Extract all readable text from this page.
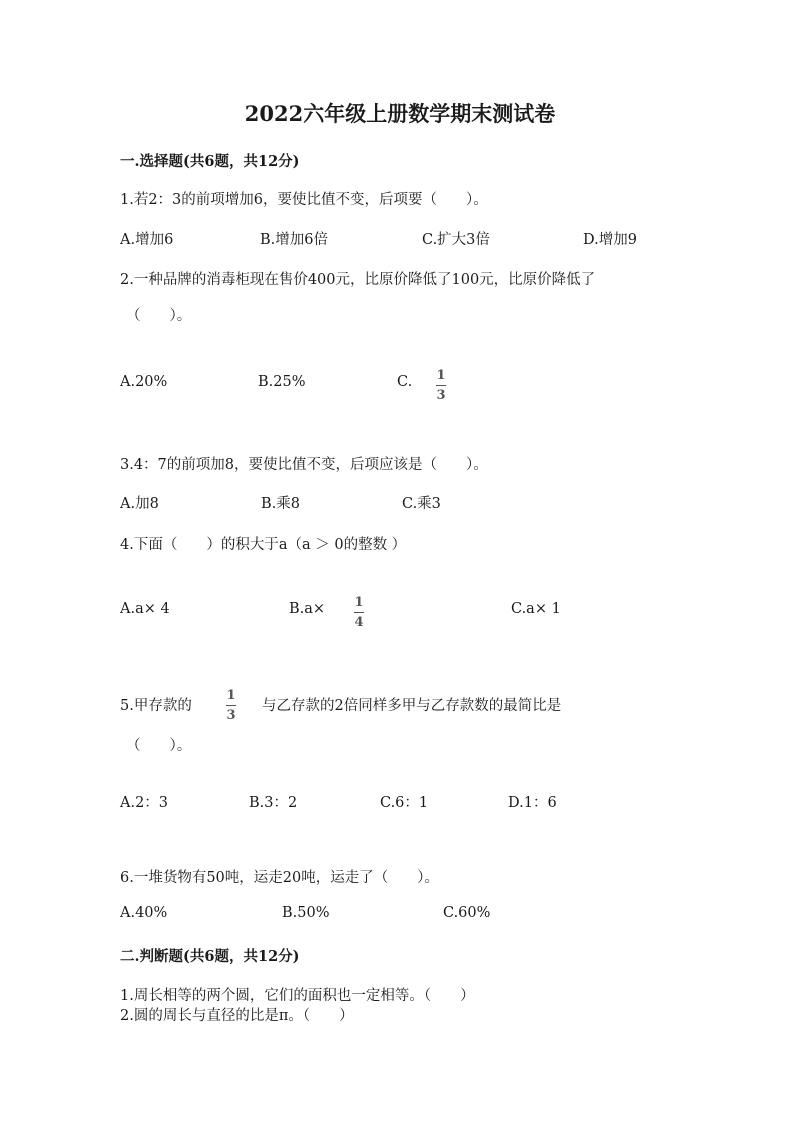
2022六年级上册数学期末测试卷
一.选择题(共6题，共12分)
1.若2：3的前项增加6，要使比值不变，后项要（　　）。
A.增加6	B.增加6倍	C.扩大3倍	D.增加9
2.一种品牌的消毒柜现在售价400元，比原价降低了100元，比原价降低了
（　　）。
A.20%	B.25%	C. 1
3
3.4：7的前项加8，要使比值不变，后项应该是（　　）。
A.加8	B.乘8	C.乘3
4.下面（　　）的积大于a（a ＞ 0的整数 ）
A.a× 4	B.a× 1
4
C.a× 1
5.甲存款的
1
3
与乙存款的2倍同样多甲与乙存款数的最简比是
（　　）。
A.2：3	B.3：2	C.6：1	D.1：6
6.一堆货物有50吨，运走20吨，运走了（　　）。
A.40%	B.50%	C.60%
二.判断题(共6题，共12分)
1.周长相等的两个圆，它们的面积也一定相等。（　　）
2.圆的周长与直径的比是π。（　　）
